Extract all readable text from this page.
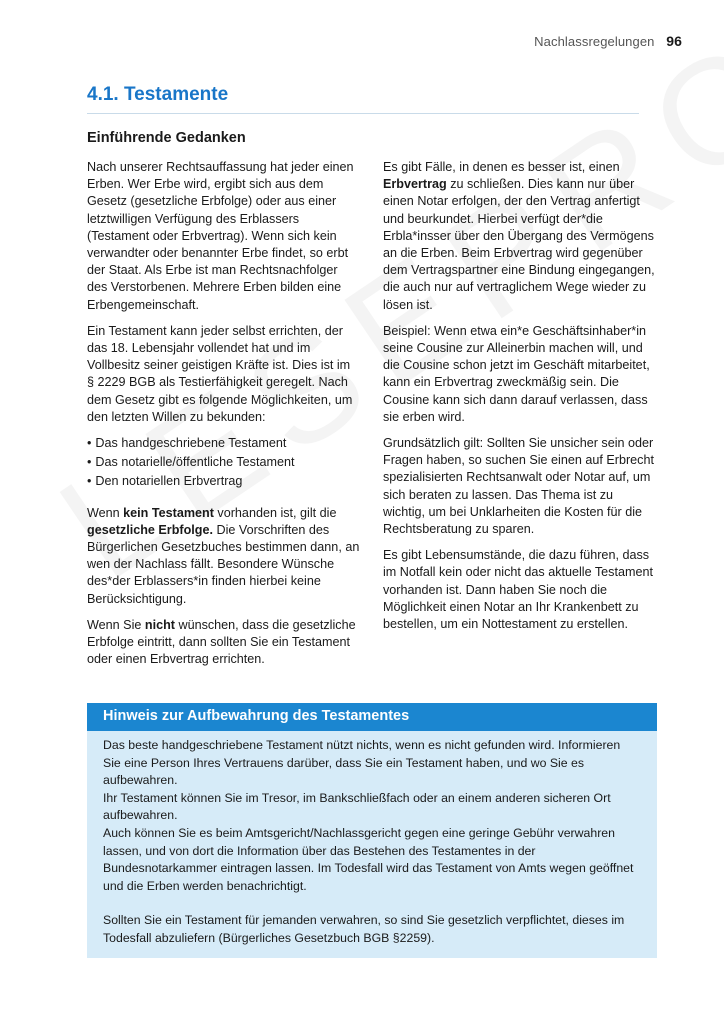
Nachlassregelungen 96
4.1. Testamente
Einführende Gedanken

Nach unserer Rechtsauffassung hat jeder einen Erben. Wer Erbe wird, ergibt sich aus dem Gesetz (gesetzliche Erbfolge) oder aus einer letztwilligen Verfügung des Erblassers (Testament oder Erbvertrag). Wenn sich kein verwandter oder benannter Erbe findet, so erbt der Staat. Als Erbe ist man Rechtsnachfolger des Verstorbenen. Mehrere Erben bilden eine Erbengemeinschaft.

Ein Testament kann jeder selbst errichten, der das 18. Lebensjahr vollendet hat und im Vollbesitz seiner geistigen Kräfte ist. Dies ist im § 2229 BGB als Testierfähigkeit geregelt. Nach dem Gesetz gibt es folgende Möglichkeiten, um den letzten Willen zu bekunden:

• Das handgeschriebene Testament
• Das notarielle/öffentliche Testament
• Den notariellen Erbvertrag

Wenn kein Testament vorhanden ist, gilt die gesetzliche Erbfolge. Die Vorschriften des Bürgerlichen Gesetzbuches bestimmen dann, an wen der Nachlass fällt. Besondere Wünsche des*der Erblassers*in finden hierbei keine Berücksichtigung.

Wenn Sie nicht wünschen, dass die gesetzliche Erbfolge eintritt, dann sollten Sie ein Testament oder einen Erbvertrag errichten.

Es gibt Fälle, in denen es besser ist, einen Erbvertrag zu schließen. Dies kann nur über einen Notar erfolgen, der den Vertrag anfertigt und beurkundet. Hierbei verfügt der*die Erbla*insser über den Übergang des Vermögens an die Erben. Beim Erbvertrag wird gegenüber dem Vertragspartner eine Bindung eingegangen, die auch nur auf vertraglichem Wege wieder zu lösen ist.

Beispiel: Wenn etwa ein*e Geschäftsinhaber*in seine Cousine zur Alleinerbin machen will, und die Cousine schon jetzt im Geschäft mitarbeitet, kann ein Erbvertrag zweckmäßig sein. Die Cousine kann sich dann darauf verlassen, dass sie erben wird.

Grundsätzlich gilt: Sollten Sie unsicher sein oder Fragen haben, so suchen Sie einen auf Erbrecht spezialisierten Rechtsanwalt oder Notar auf, um sich beraten zu lassen. Das Thema ist zu wichtig, um bei Unklarheiten die Kosten für die Rechtsberatung zu sparen.

Es gibt Lebensumstände, die dazu führen, dass im Notfall kein oder nicht das aktuelle Testament vorhanden ist. Dann haben Sie noch die Möglichkeit einen Notar an Ihr Krankenbett zu bestellen, um ein Nottestament zu erstellen.

Hinweis zur Aufbewahrung des Testamentes

Das beste handgeschriebene Testament nützt nichts, wenn es nicht gefunden wird. Informieren Sie eine Person Ihres Vertrauens darüber, dass Sie ein Testament haben, und wo Sie es aufbewahren.

Ihr Testament können Sie im Tresor, im Bankschließfach oder an einem anderen sicheren Ort aufbewahren.

Auch können Sie es beim Amtsgericht/Nachlassgericht gegen eine geringe Gebühr verwahren lassen, und von dort die Information über das Bestehen des Testamentes in der Bundesnotarkammer eintragen lassen. Im Todesfall wird das Testament von Amts wegen geöffnet und die Erben werden benachrichtigt.

Sollten Sie ein Testament für jemanden verwahren, so sind Sie gesetzlich verpflichtet, dieses im Todesfall abzuliefern (Bürgerliches Gesetzbuch BGB §2259).
